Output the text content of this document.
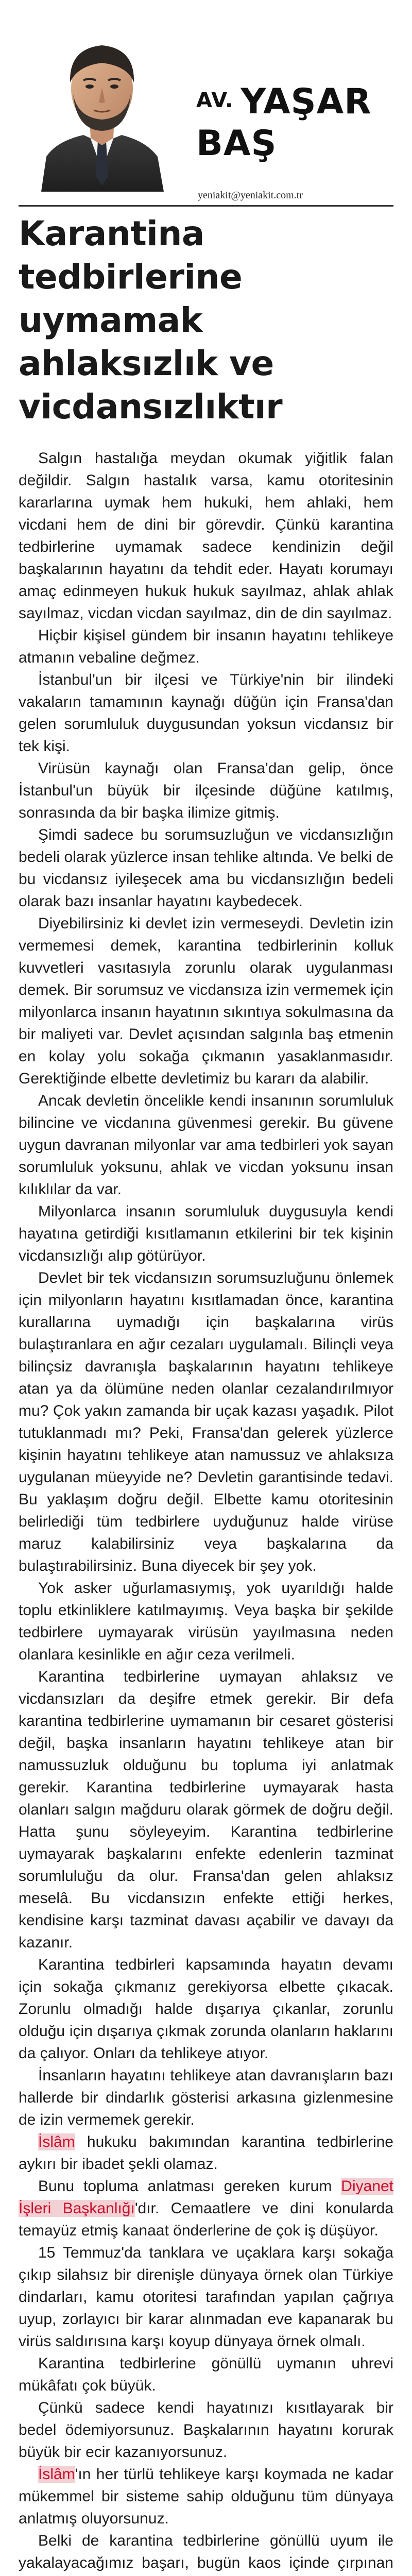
AV. YAŞAR
BAŞ
yeniakit@yeniakit.com.tr
Karantina tedbirlerine uymamak ahlaksızlık ve vicdansızlıktır

Salgın hastalığa meydan okumak yiğitlik falan değildir. Salgın hastalık varsa, kamu otoritesinin kararlarına uymak hem hukuki, hem ahlaki, hem vicdani hem de dini bir görevdir. Çünkü karantina tedbirlerine uymamak sadece kendinizin değil başkalarının hayatını da tehdit eder. Hayatı korumayı amaç edinmeyen hukuk hukuk sayılmaz, ahlak ahlak sayılmaz, vicdan vicdan sayılmaz, din de din sayılmaz.

Hiçbir kişisel gündem bir insanın hayatını tehlikeye atmanın vebaline değmez.

İstanbul'un bir ilçesi ve Türkiye'nin bir ilindeki vakaların tamamının kaynağı düğün için Fransa'dan gelen sorumluluk duygusundan yoksun vicdansız bir tek kişi.

Virüsün kaynağı olan Fransa'dan gelip, önce İstanbul'un büyük bir ilçesinde düğüne katılmış, sonrasında da bir başka ilimize gitmiş.

Şimdi sadece bu sorumsuzluğun ve vicdansızlığın bedeli olarak yüzlerce insan tehlike altında. Ve belki de bu vicdansız iyileşecek ama bu vicdansızlığın bedeli olarak bazı insanlar hayatını kaybedecek.

Diyebilirsiniz ki devlet izin vermeseydi. Devletin izin vermemesi demek, karantina tedbirlerinin kolluk kuvvetleri vasıtasıyla zorunlu olarak uygulanması demek. Bir sorumsuz ve vicdansıza izin vermemek için milyonlarca insanın hayatının sıkıntıya sokulmasına da bir maliyeti var. Devlet açısından salgınla baş etmenin en kolay yolu sokağa çıkmanın yasaklanmasıdır. Gerektiğinde elbette devletimiz bu kararı da alabilir.

Ancak devletin öncelikle kendi insanının sorumluluk bilincine ve vicdanına güvenmesi gerekir. Bu güvene uygun davranan milyonlar var ama tedbirleri yok sayan sorumluluk yoksunu, ahlak ve vicdan yoksunu insan kılıklılar da var.

Milyonlarca insanın sorumluluk duygusuyla kendi hayatına getirdiği kısıtlamanın etkilerini bir tek kişinin vicdansızlığı alıp götürüyor.

Devlet bir tek vicdansızın sorumsuzluğunu önlemek için milyonların hayatını kısıtlamadan önce, karantina kurallarına uymadığı için başkalarına virüs bulaştıranlara en ağır cezaları uygulamalı. Bilinçli veya bilinçsiz davranışla başkalarının hayatını tehlikeye atan ya da ölümüne neden olanlar cezalandırılmıyor mu? Çok yakın zamanda bir uçak kazası yaşadık. Pilot tutuklanmadı mı? Peki, Fransa'dan gelerek yüzlerce kişinin hayatını tehlikeye atan namussuz ve ahlaksıza uygulanan müeyyide ne? Devletin garantisinde tedavi. Bu yaklaşım doğru değil. Elbette kamu otoritesinin belirlediği tüm tedbirlere uyduğunuz halde virüse maruz kalabilirsiniz veya başkalarına da bulaştırabilirsiniz. Buna diyecek bir şey yok.

Yok asker uğurlamasıymış, yok uyarıldığı halde toplu etkinliklere katılmayımış. Veya başka bir şekilde tedbirlere uymayarak virüsün yayılmasına neden olanlara kesinlikle en ağır ceza verilmeli.

Karantina tedbirlerine uymayan ahlaksız ve vicdansızları da deşifre etmek gerekir. Bir defa karantina tedbirlerine uymamanın bir cesaret gösterisi değil, başka insanların hayatını tehlikeye atan bir namussuzluk olduğunu bu topluma iyi anlatmak gerekir. Karantina tedbirlerine uymayarak hasta olanları salgın mağduru olarak görmek de doğru değil. Hatta şunu söyleyeyim. Karantina tedbirlerine uymayarak başkalarını enfekte edenlerin tazminat sorumluluğu da olur. Fransa'dan gelen ahlaksız meselâ. Bu vicdansızın enfekte ettiği herkes, kendisine karşı tazminat davası açabilir ve davayı da kazanır.

Karantina tedbirleri kapsamında hayatın devamı için sokağa çıkmanız gerekiyorsa elbette çıkacak. Zorunlu olmadığı halde dışarıya çıkanlar, zorunlu olduğu için dışarıya çıkmak zorunda olanların haklarını da çalıyor. Onları da tehlikeye atıyor.

İnsanların hayatını tehlikeye atan davranışların bazı hallerde bir dindarlık gösterisi arkasına gizlenmesine de izin vermemek gerekir.

İslâm hukuku bakımından karantina tedbirlerine aykırı bir ibadet şekli olamaz.

Bunu topluma anlatması gereken kurum Diyanet İşleri Başkanlığı'dır. Cemaatlere ve dini konularda temayüz etmiş kanaat önderlerine de çok iş düşüyor.

15 Temmuz'da tanklara ve uçaklara karşı sokağa çıkıp silahsız bir direnişle dünyaya örnek olan Türkiye dindarları, kamu otoritesi tarafından yapılan çağrıya uyup, zorlayıcı bir karar alınmadan eve kapanarak bu virüs saldırısına karşı koyup dünyaya örnek olmalı.

Karantina tedbirlerine gönüllü uymanın uhrevi mükâfatı çok büyük.

Çünkü sadece kendi hayatınızı kısıtlayarak bir bedel ödemiyorsunuz. Başkalarının hayatını korurak büyük bir ecir kazanıyorsunuz.

İslâm'ın her türlü tehlikeye karşı koymada ne kadar mükemmel bir sisteme sahip olduğunu tüm dünyaya anlatmış oluyorsunuz.

Belki de karantina tedbirlerine gönüllü uyum ile yakalayacağımız başarı, bugün kaos içinde çırpınan
